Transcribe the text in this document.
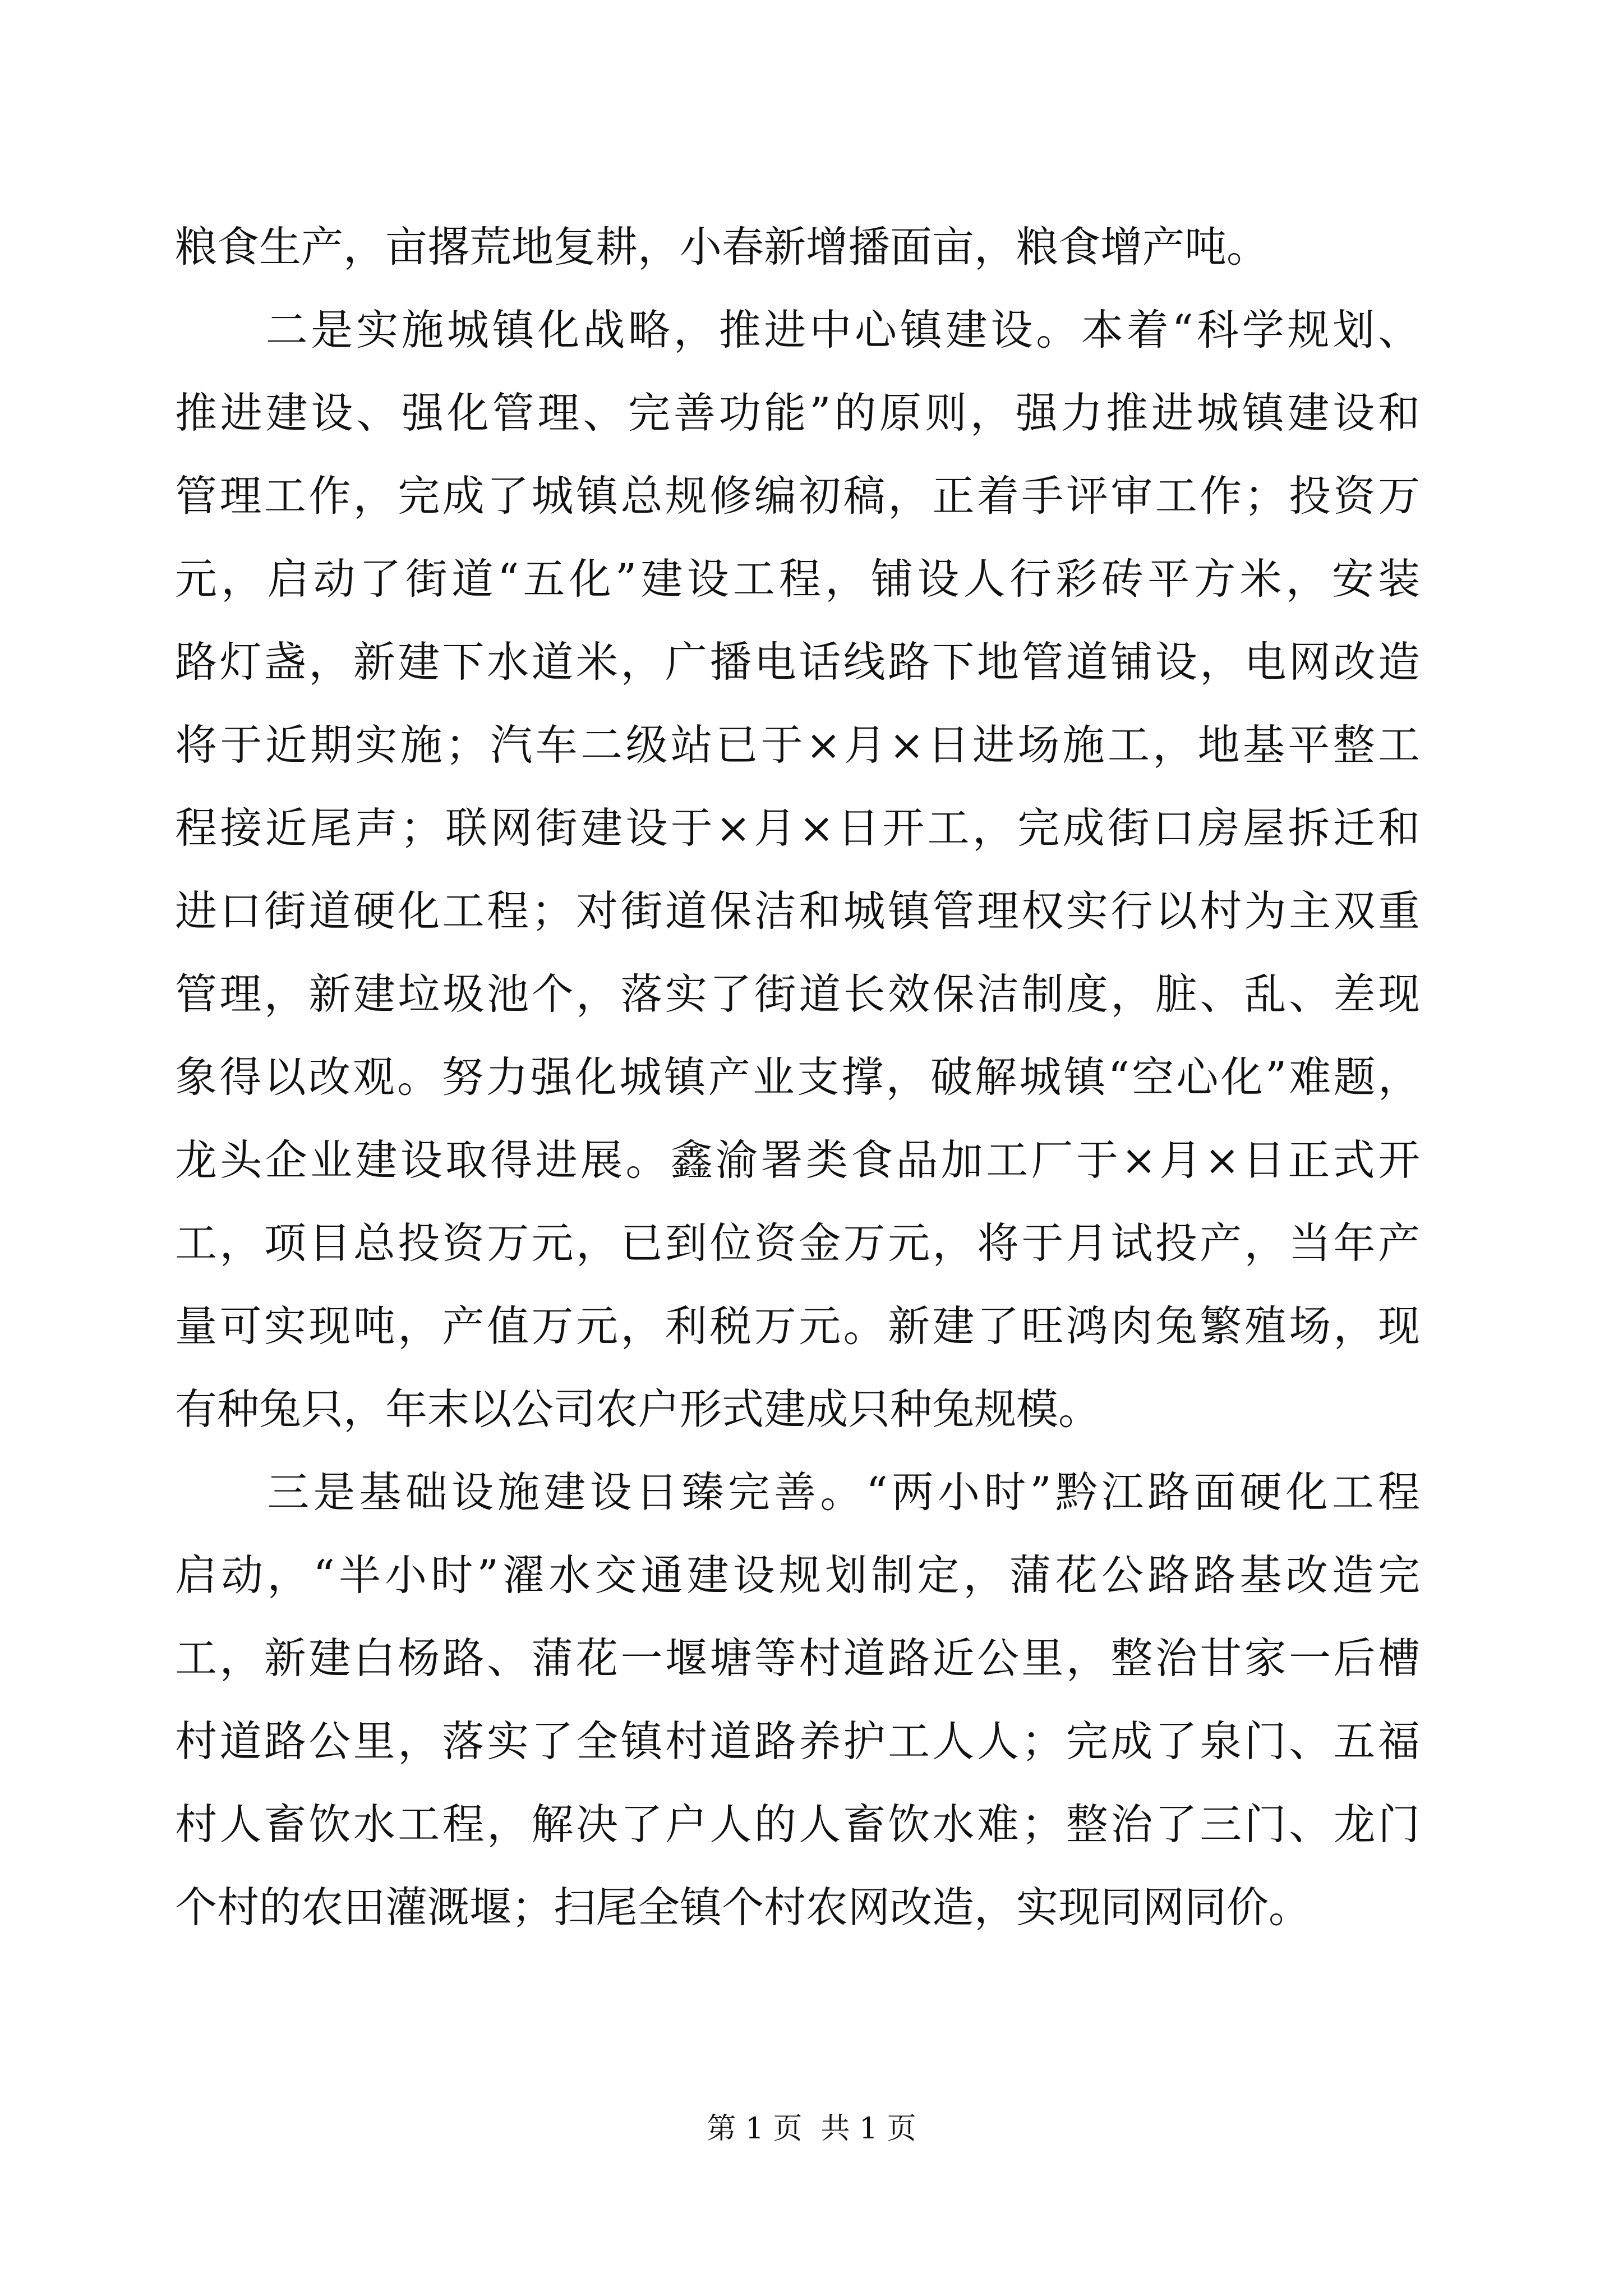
粮食生产，亩撂荒地复耕，小春新增播面亩，粮食增产吨。
　　二是实施城镇化战略，推进中心镇建设。本着“科学规划、
推进建设、强化管理、完善功能”的原则，强力推进城镇建设和
管理工作，完成了城镇总规修编初稿，正着手评审工作；投资万
元，启动了街道“五化”建设工程，铺设人行彩砖平方米，安装
路灯盏，新建下水道米，广播电话线路下地管道铺设，电网改造
将于近期实施；汽车二级站已于×月×日进场施工，地基平整工
程接近尾声；联网街建设于×月×日开工，完成街口房屋拆迁和
进口街道硬化工程；对街道保洁和城镇管理权实行以村为主双重
管理，新建垃圾池个，落实了街道长效保洁制度，脏、乱、差现
象得以改观。努力强化城镇产业支撑，破解城镇“空心化”难题，
龙头企业建设取得进展。鑫渝署类食品加工厂于×月×日正式开
工，项目总投资万元，已到位资金万元，将于月试投产，当年产
量可实现吨，产值万元，利税万元。新建了旺鸿肉兔繁殖场，现
有种兔只，年末以公司农户形式建成只种兔规模。
　　三是基础设施建设日臻完善。“两小时”黔江路面硬化工程
启动，“半小时”濯水交通建设规划制定，蒲花公路路基改造完
工，新建白杨路、蒲花一堰塘等村道路近公里，整治甘家一后槽
村道路公里，落实了全镇村道路养护工人人；完成了泉门、五福
村人畜饮水工程，解决了户人的人畜饮水难；整治了三门、龙门
个村的农田灌溉堰；扫尾全镇个村农网改造，实现同网同价。
第 1 页  共 1 页
